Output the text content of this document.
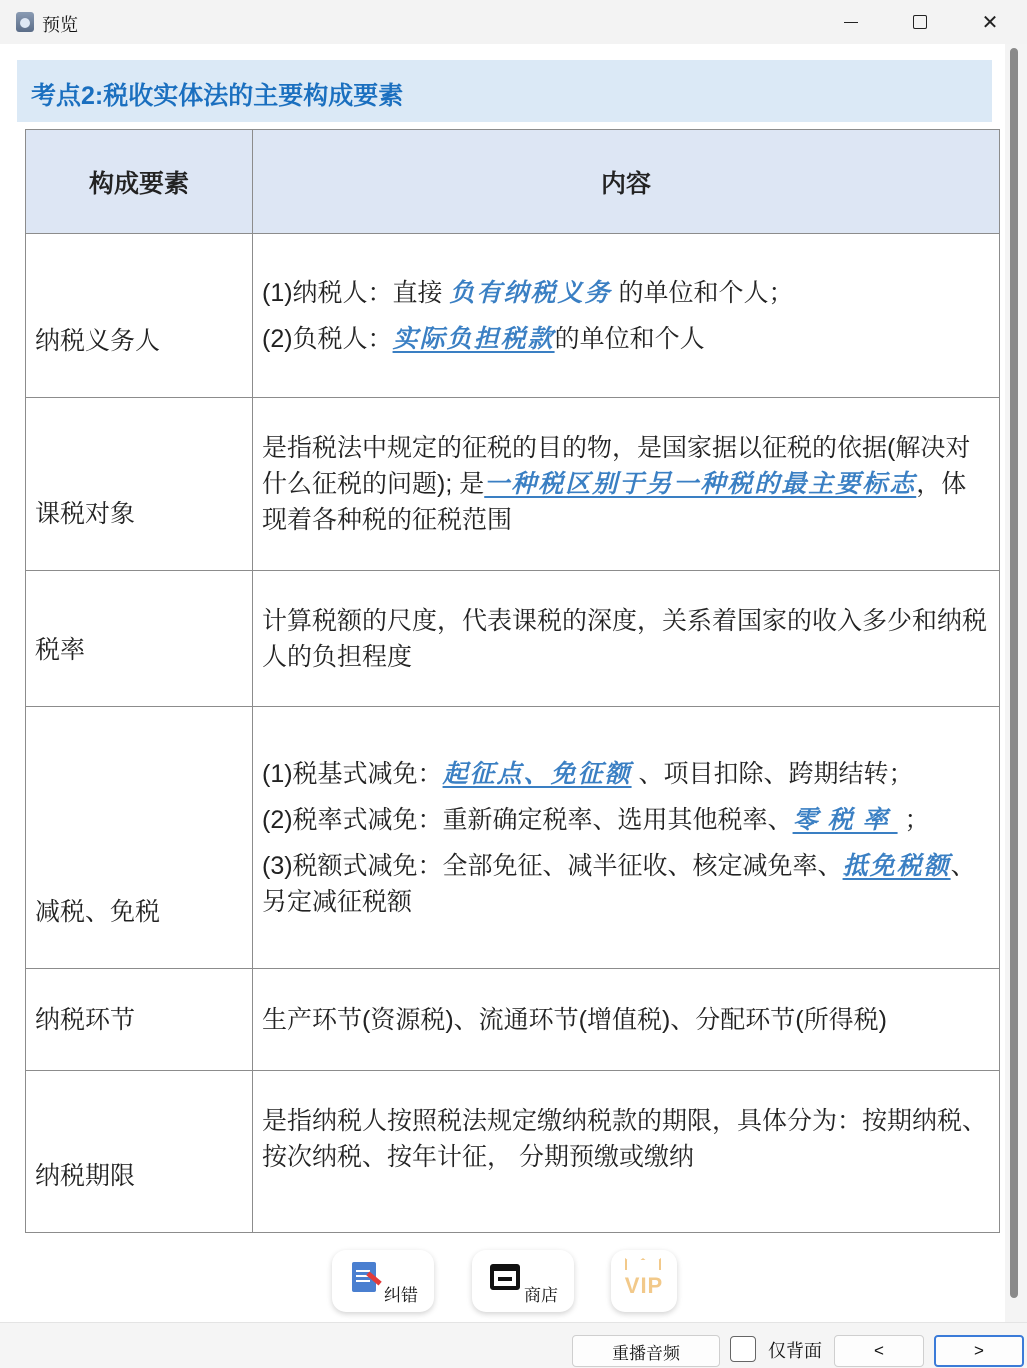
预览	✕
考点2:税收实体法的主要构成要素
构成要素	内容
纳税义务人	(1)纳税人：直接 负有纳税义务 的单位和个人；

(2)负税人：实际负担税款的单位和个人

课税对象	是指税法中规定的征税的目的物，是国家据以征税的依据(解决对什么征税的问题); 是一种税区别于另一种税的最主要标志，体现着各种税的征税范围
税率	计算税额的尺度，代表课税的深度，关系着国家的收入多少和纳税人的负担程度
减税、免税	(1)税基式减免：起征点、免征额 、项目扣除、跨期结转；

(2)税率式减免：重新确定税率、选用其他税率、零税率 ；

(3)税额式减免：全部免征、减半征收、核定减免率、抵免税额、另定减征税额

纳税环节	生产环节(资源税)、流通环节(增值税)、分配环节(所得税)
纳税期限	是指纳税人按照税法规定缴纳税款的期限，具体分为：按期纳税、按次纳税、按年计征， 分期预缴或缴纳
纠错	商店	VIP
重播音频	<	>
仅背面
